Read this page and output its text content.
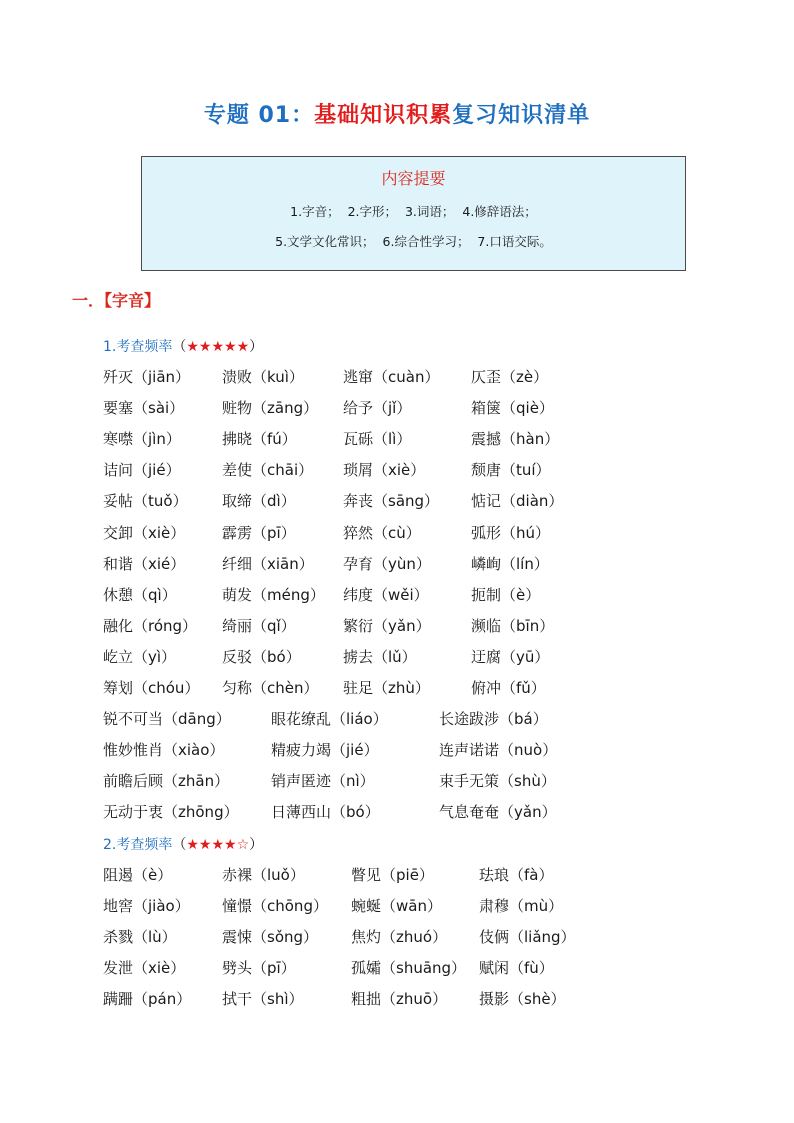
专题 01：基础知识积累复习知识清单
内容提要
1.字音； 2.字形； 3.词语； 4.修辞语法；
5.文学文化常识； 6.综合性学习； 7.口语交际。
一．【字音】
1.考查频率（★★★★★）
歼灭（jiān） 溃败（kuì）	逃窜（cuàn） 仄歪（zè）
要塞（sài）	赃物（zāng） 给予（jǐ）	箱箧（qiè）
寒噤（jìn）	拂晓（fú）	瓦砾（lì）	震撼（hàn）
诘问（jié）	差使（chāi） 琐屑（xiè）	颓唐（tuí）
妥帖（tuǒ） 取缔（dì）	奔丧（sāng） 惦记（diàn）
交卸（xiè） 霹雳（pī）	猝然（cù）	弧形（hú）
和谐（xié） 纤细（xiān） 孕育（yùn）	嶙峋（lín）
休憩（qì）	萌发（méng） 纬度（wěi）	扼制（è）
融化（róng） 绮丽（qǐ）	繁衍（yǎn）	濒临（bīn）
屹立（yì）	反驳（bó）	掳去（lǔ）	迂腐（yū）
筹划（chóu） 匀称（chèn） 驻足（zhù）	俯冲（fǔ）
锐不可当（dāng）	眼花缭乱（liáo）	长途跋涉（bá）
惟妙惟肖（xiào）	精疲力竭（jié）	连声诺诺（nuò）
前瞻后顾（zhān）	销声匿迹（nì）	束手无策（shù）
无动于衷（zhōng） 日薄西山（bó）	气息奄奄（yǎn）
阻遏（è）	赤裸（luǒ）	瞥见（piē）	珐琅（fà）
地窖（jiào） 憧憬（chōng） 蜿蜒（wān） 肃穆（mù）
杀戮（lù）	震悚（sǒng） 焦灼（zhuó） 伎俩（liǎng）
发泄（xiè） 劈头（pī）	孤孀（shuāng） 赋闲（fù）
蹒跚（pán） 拭干（shì）	粗拙（zhuō） 摄影（shè）
2.考查频率（★★★★☆）
